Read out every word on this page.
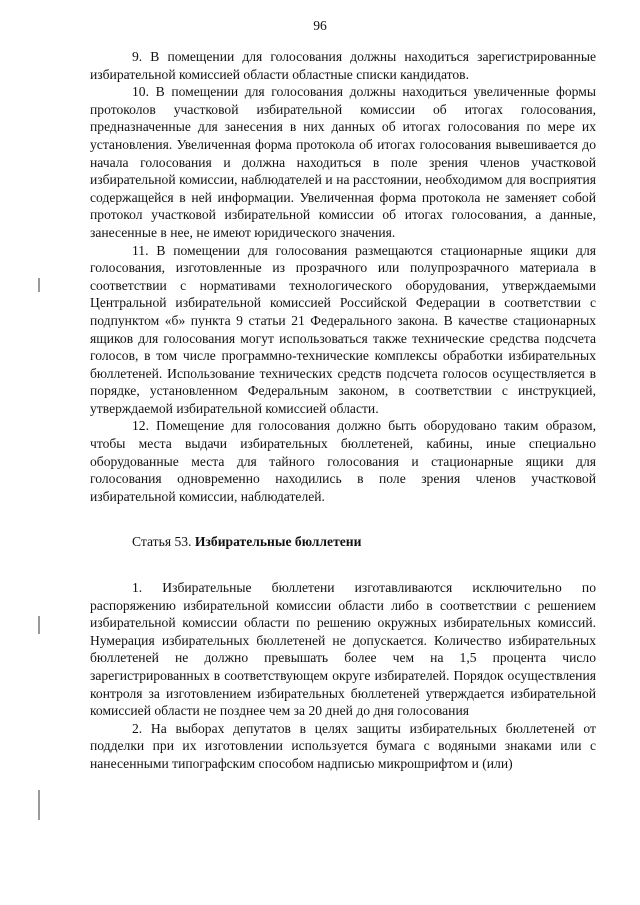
96

9. В помещении для голосования должны находиться зарегистрированные избирательной комиссией области областные списки кандидатов.

10. В помещении для голосования должны находиться увеличенные формы протоколов участковой избирательной комиссии об итогах голосования, предназначенные для занесения в них данных об итогах голосования по мере их установления. Увеличенная форма протокола об итогах голосования вывешивается до начала голосования и должна находиться в поле зрения членов участковой избирательной комиссии, наблюдателей и на расстоянии, необходимом для восприятия содержащейся в ней информации. Увеличенная форма протокола не заменяет собой протокол участковой избирательной комиссии об итогах голосования, а данные, занесенные в нее, не имеют юридического значения.

11. В помещении для голосования размещаются стационарные ящики для голосования, изготовленные из прозрачного или полупрозрачного материала в соответствии с нормативами технологического оборудования, утверждаемыми Центральной избирательной комиссией Российской Федерации в соответствии с подпунктом «б» пункта 9 статьи 21 Федерального закона. В качестве стационарных ящиков для голосования могут использоваться также технические средства подсчета голосов, в том числе программно-технические комплексы обработки избирательных бюллетеней. Использование технических средств подсчета голосов осуществляется в порядке, установленном Федеральным законом, в соответствии с инструкцией, утверждаемой избирательной комиссией области.

12. Помещение для голосования должно быть оборудовано таким образом, чтобы места выдачи избирательных бюллетеней, кабины, иные специально оборудованные места для тайного голосования и стационарные ящики для голосования одновременно находились в поле зрения членов участковой избирательной комиссии, наблюдателей.

Статья 53. Избирательные бюллетени

1. Избирательные бюллетени изготавливаются исключительно по распоряжению избирательной комиссии области либо в соответствии с решением избирательной комиссии области по решению окружных избирательных комиссий. Нумерация избирательных бюллетеней не допускается. Количество избирательных бюллетеней не должно превышать более чем на 1,5 процента число зарегистрированных в соответствующем округе избирателей. Порядок осуществления контроля за изготовлением избирательных бюллетеней утверждается избирательной комиссией области не позднее чем за 20 дней до дня голосования

2. На выборах депутатов в целях защиты избирательных бюллетеней от подделки при их изготовлении используется бумага с водяными знаками или с нанесенными типографским способом надписью микрошрифтом и (или)
